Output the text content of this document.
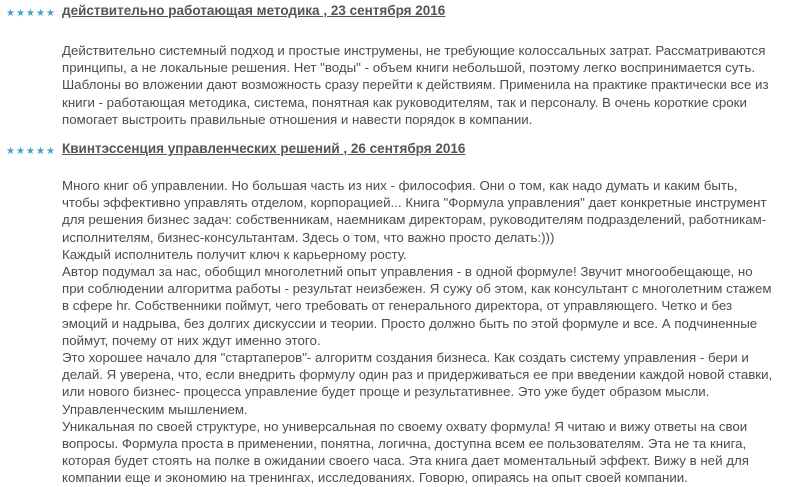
★ ★ ★ ★ ★ действительно работающая методика , 23 сентября 2016

Действительно системный подход и простые инструмены, не требующие колоссальных затрат. Рассматриваются
принципы, а не локальные решения. Нет "воды" - объем книги небольшой, поэтому легко воспринимается суть.
Шаблоны во вложении дают возможность сразу перейти к действиям. Применила на практике практически все из
книги - работающая методика, система, понятная как руководителям, так и персоналу. В очень короткие сроки
помогает выстроить правильные отношения и навести порядок в компании.

★ ★ ★ ★ ★ Квинтэссенция управленческих решений , 26 сентября 2016

Много книг об управлении. Но большая часть из них - философия. Они о том, как надо думать и каким быть,
чтобы эффективно управлять отделом, корпорацией... Книга "Формула управления" дает конкретные инструмент
для решения бизнес задач: собственникам, наемникам директорам, руководителям подразделений, работникам-
исполнителям, бизнес-консультантам. Здесь о том, что важно просто делать:)))

Каждый исполнитель получит ключ к карьерному росту.

Автор подумал за нас, обобщил многолетний опыт управления - в одной формуле! Звучит многообещающе, но
при соблюдении алгоритма работы - результат неизбежен. Я сужу об этом, как консультант с многолетним стажем
в сфере hr. Собственники поймут, чего требовать от генерального директора, от управляющего. Четко и без
эмоций и надрыва, без долгих дискуссии и теории. Просто должно быть по этой формуле и все. А подчиненные
поймут, почему от них ждут именно этого.

Это хорошее начало для "стартаперов"- алгоритм создания бизнеса. Как создать систему управления - бери и
делай. Я уверена, что, если внедрить формулу один раз и придерживаться ее при введении каждой новой ставки,
или нового бизнес- процесса управление будет проще и результативнее. Это уже будет образом мысли.
Управленческим мышлением.

Уникальная по своей структуре, но универсальная по своему охвату формула! Я читаю и вижу ответы на свои
вопросы. Формула проста в применении, понятна, логична, доступна всем ее пользователям. Эта не та книга,
которая будет стоять на полке в ожидании своего часа. Эта книга дает моментальный эффект. Вижу в ней для
компании еще и экономию на тренингах, исследованиях. Говорю, опираясь на опыт своей компании.
